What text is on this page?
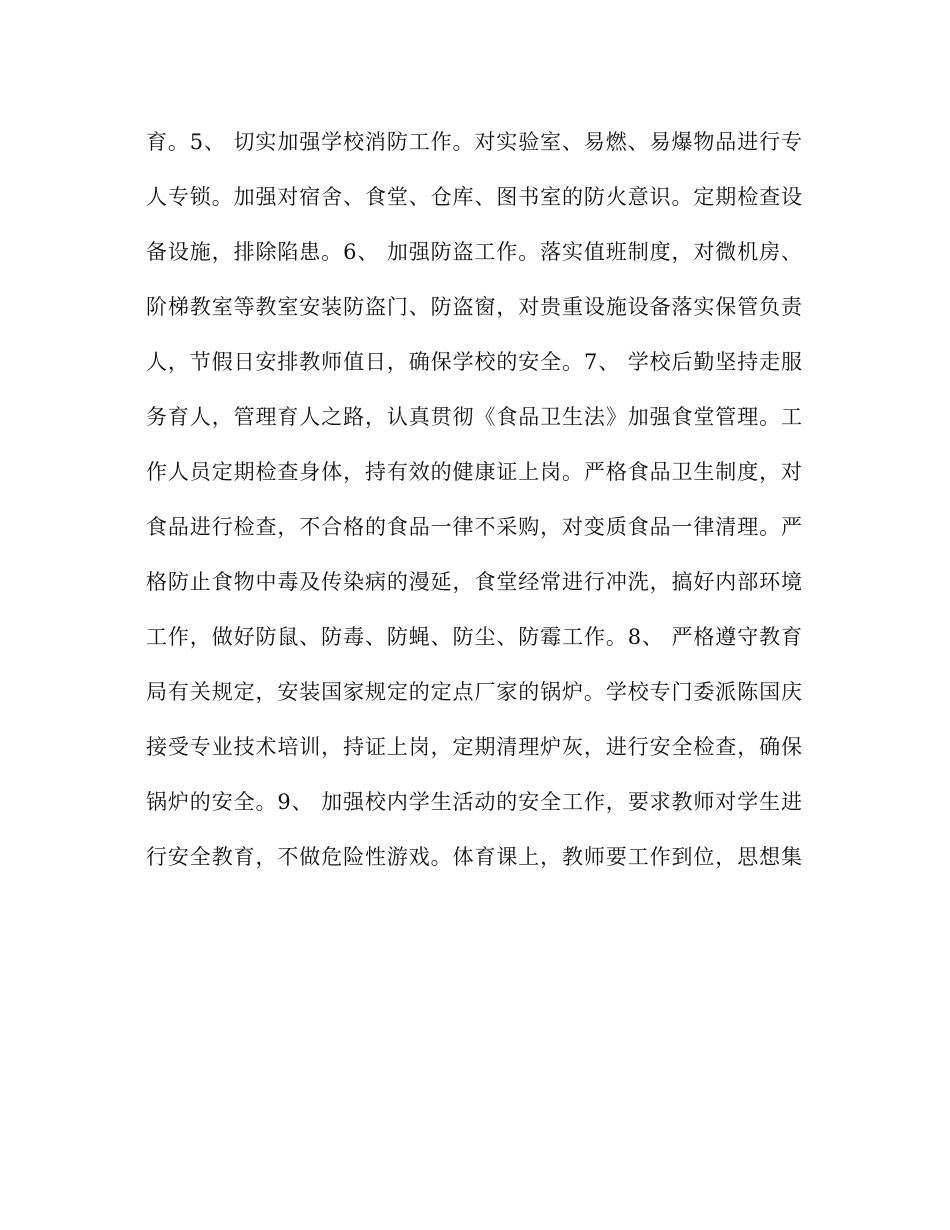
育。5、 切实加强学校消防工作。对实验室、易燃、易爆物品进行专
人专锁。加强对宿舍、食堂、仓库、图书室的防火意识。定期检查设
备设施，排除陷患。6、 加强防盗工作。落实值班制度，对微机房、
阶梯教室等教室安装防盗门、防盗窗，对贵重设施设备落实保管负责
人，节假日安排教师值日，确保学校的安全。7、 学校后勤坚持走服
务育人，管理育人之路，认真贯彻《食品卫生法》加强食堂管理。工
作人员定期检查身体，持有效的健康证上岗。严格食品卫生制度，对
食品进行检查，不合格的食品一律不采购，对变质食品一律清理。严
格防止食物中毒及传染病的漫延，食堂经常进行冲洗，搞好内部环境
工作，做好防鼠、防毒、防蝇、防尘、防霉工作。8、 严格遵守教育
局有关规定，安装国家规定的定点厂家的锅炉。学校专门委派陈国庆
接受专业技术培训，持证上岗，定期清理炉灰，进行安全检查，确保
锅炉的安全。9、 加强校内学生活动的安全工作，要求教师对学生进
行安全教育，不做危险性游戏。体育课上，教师要工作到位，思想集
